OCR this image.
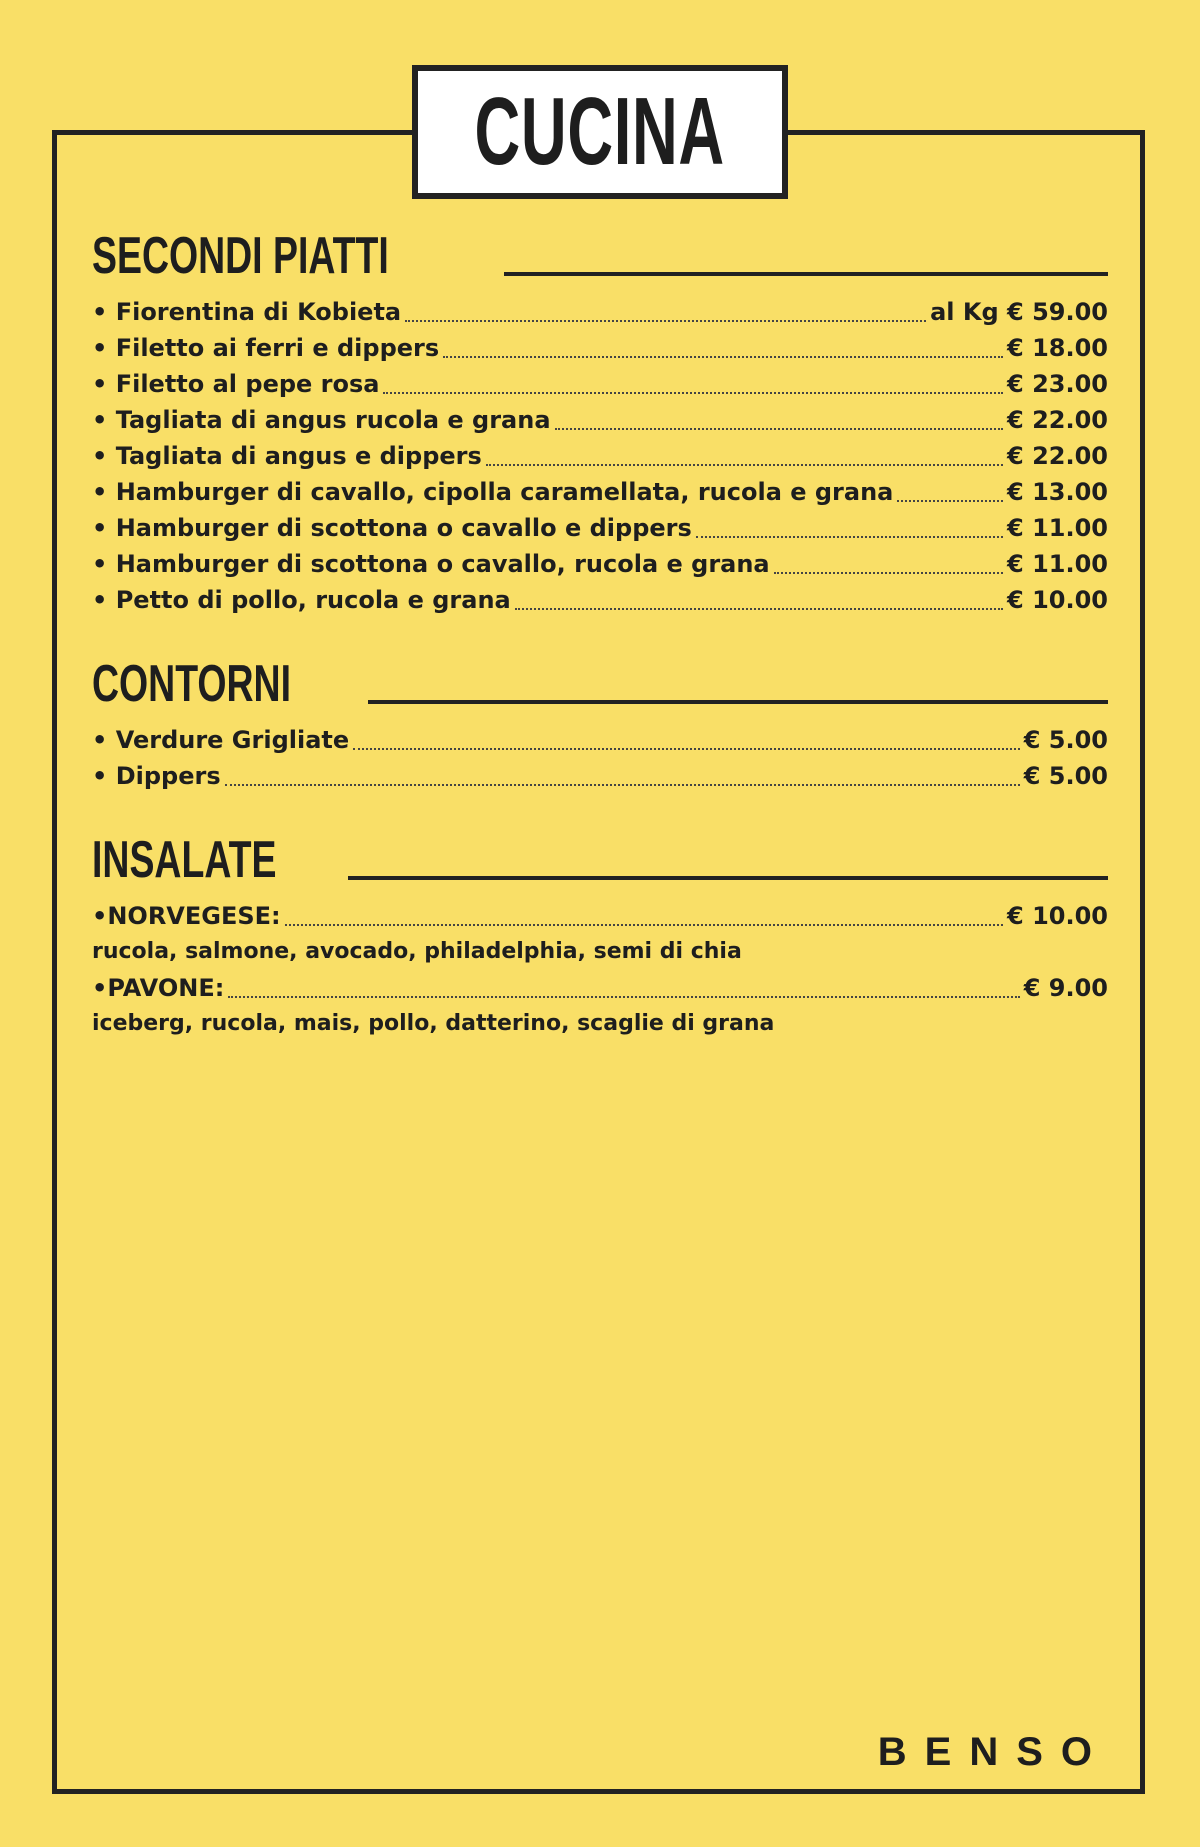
CUCINA
SECONDI PIATTI
• Fiorentina di Kobieta	al Kg € 59.00
• Filetto ai ferri e dippers	€ 18.00
• Filetto al pepe rosa	€ 23.00
• Tagliata di angus rucola e grana	€ 22.00
• Tagliata di angus e dippers	€ 22.00
• Hamburger di cavallo, cipolla caramellata, rucola e grana	€ 13.00
• Hamburger di scottona o cavallo e dippers	€ 11.00
• Hamburger di scottona o cavallo, rucola e grana	€ 11.00
• Petto di pollo, rucola e grana	€ 10.00
CONTORNI
• Verdure Grigliate	€ 5.00
• Dippers	€ 5.00
INSALATE
•NORVEGESE:	€ 10.00
rucola, salmone, avocado, philadelphia, semi di chia
•PAVONE:	€ 9.00
iceberg, rucola, mais, pollo, datterino, scaglie di grana
BENSO
